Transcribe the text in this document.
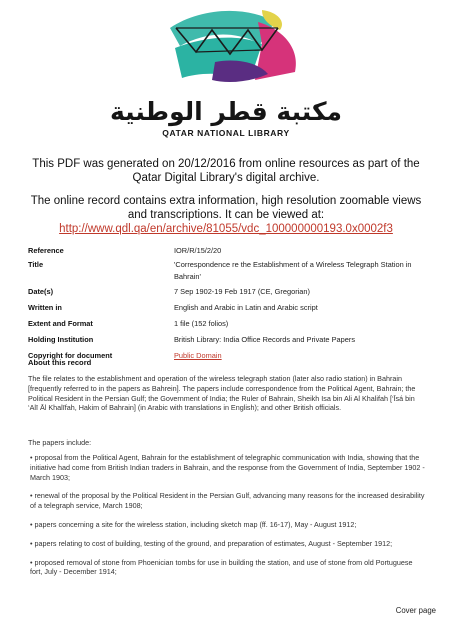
مكتبة قطر الوطنية
QATAR NATIONAL LIBRARY
This PDF was generated on 20/12/2016 from online resources as part of the Qatar Digital Library's digital archive.
The online record contains extra information, high resolution zoomable views and transcriptions. It can be viewed at:
http://www.qdl.qa/en/archive/81055/vdc_100000000193.0x0002f3
Reference	IOR/R/15/2/20
Title	'Correspondence re the Establishment of a Wireless Telegraph Station in Bahrain'
Date(s)	7 Sep 1902-19 Feb 1917 (CE, Gregorian)
Written in	English and Arabic in Latin and Arabic script
Extent and Format	1 file (152 folios)
Holding Institution	British Library: India Office Records and Private Papers
Copyright for document	Public Domain
About this record
The file relates to the establishment and operation of the wireless telegraph station (later also radio station) in Bahrain [frequently referred to in the papers as Bahrein]. The papers include correspondence from the Political Agent, Bahrain; the Political Resident in the Persian Gulf; the Government of India; the Ruler of Bahrain, Sheikh Isa bin Ali Al Khalifah [‘Īsá bin ‘Alī Āl Khalīfah, Hakim of Bahrain] (in Arabic with translations in English); and other British officials.
The papers include:
• proposal from the Political Agent, Bahrain for the establishment of telegraphic communication with India, showing that the initiative had come from British Indian traders in Bahrain, and the response from the Government of India, September 1902 - March 1903;
• renewal of the proposal by the Political Resident in the Persian Gulf, advancing many reasons for the increased desirability of a telegraph service, March 1908;
• papers concerning a site for the wireless station, including sketch map (ff. 16-17), May - August 1912;
• papers relating to cost of building, testing of the ground, and preparation of estimates, August - September 1912;
• proposed removal of stone from Phoenician tombs for use in building the station, and use of stone from old Portuguese fort, July - December 1914;
Cover page
